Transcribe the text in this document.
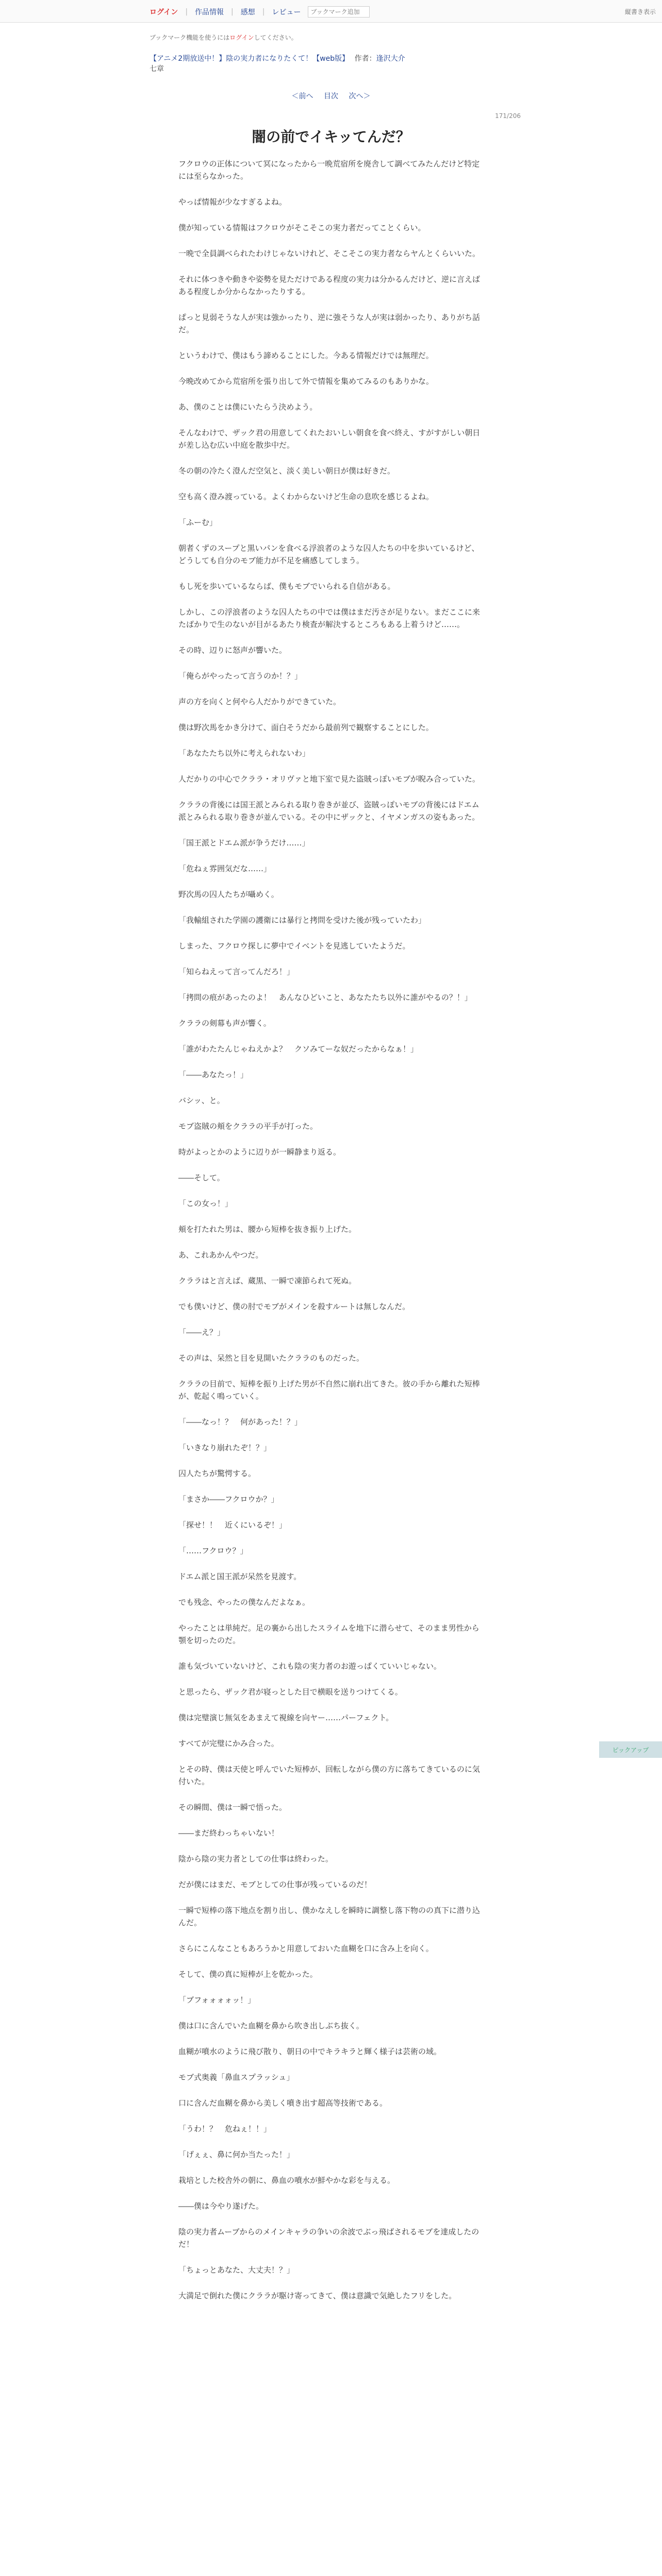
ログイン | 作品情報 | 感想 | レビュー
ブックマーク追加	縦書き表示
ブックマーク機能を使うにはログインしてください。
【アニメ2期放送中！】陰の実力者になりたくて！【web版】 作者：逢沢大介
七章
＜前へ 目次 次へ＞
171/206
闇の前でイキッてんだ？

フクロウの正体について冥になったから一晩荒宿所を廃舎して調べてみたんだけど特定には至らなかった。

やっぱ情報が少なすぎるよね。

僕が知っている情報はフクロウがそこそこの実力者だってことくらい。

一晩で全員調べられたわけじゃないけれど、そこそこの実力者ならヤんとくらいいた。

それに体つきや動きや姿勢を見ただけである程度の実力は分かるんだけど、逆に言えばある程度しか分からなかったりする。

ぱっと見弱そうな人が実は強かったり、逆に強そうな人が実は弱かったり、ありがち話だ。

というわけで、僕はもう諦めることにした。今ある情報だけでは無理だ。

今晩改めてから荒宿所を張り出して外で情報を集めてみるのもありかな。

あ、僕のことは僕にいたらう決めよう。

そんなわけで、ザック君の用意してくれたおいしい朝食を食べ終え、すがすがしい朝日が差し込む広い中庭を散歩中だ。

冬の朝の冷たく澄んだ空気と、淡く美しい朝日が僕は好きだ。

空も高く澄み渡っている。よくわからないけど生命の息吹を感じるよね。

「ふーむ」

朝者くずのスープと黒いパンを食べる浮浪者のような囚人たちの中を歩いているけど、どうしても自分のモブ能力が不足を痛感してしまう。

もし死を歩いているならば、僕もモブでいられる自信がある。

しかし、この浮浪者のような囚人たちの中では僕はまだ汚さが足りない。まだここに来たばかりで生のないが目がるあたり検査が解決するところもある上着うけど……。

その時、辺りに怒声が響いた。

「俺らがやったって言うのか！？」

声の方を向くと何やら人だかりができていた。

僕は野次馬をかき分けて、面白そうだから最前列で観察することにした。

「あなたたち以外に考えられないわ」

人だかりの中心でクララ・オリヴァと地下室で見た盗賊っぽいモブが睨み合っていた。

クララの背後には国王派とみられる取り巻きが並び、盗賊っぽいモブの背後にはドエム派とみられる取り巻きが並んでいる。その中にザックと、イヤメンガスの姿もあった。

「国王派とドエム派が争うだけ……」

「危ねぇ雰囲気だな……」

野次馬の囚人たちが囁めく。

「我輸組された学園の護衛には暴行と拷問を受けた後が残っていたわ」

しまった、フクロウ探しに夢中でイベントを見逃していたようだ。

「知らねえって言ってんだろ！」

「拷問の痕があったのよ！　あんなひどいこと、あなたたち以外に誰がやるの？！」

クララの剣幕も声が響く。

「誰がわたたんじゃねえかよ？　クソみてーな奴だったからなぁ！」

「――あなたっ！」

バシッ、と。

モブ盗賊の頬をクララの平手が打った。

時がよっとかのように辺りが一瞬静まり返る。

――そして。

「この女っ！」

頬を打たれた男は、腰から短棒を抜き振り上げた。

あ、これあかんやつだ。

クララはと言えば、蔵黒、一瞬で凍節られて死ぬ。

でも僕いけど、僕の肘でモブがメインを殺すルートは無しなんだ。

「――え？」

その声は、呆然と目を見開いたクララのものだった。

クララの目前で、短棒を振り上げた男が不自然に崩れ出てきた。彼の手から離れた短棒が、乾起く鳴っていく。

「――なっ！？　何があった！？」

「いきなり崩れたぞ！？」

囚人たちが驚愕する。

「まさか――フクロウか？」

「探せ！！　近くにいるぞ！」

「……フクロウ？」

ドエム派と国王派が呆然を見渡す。

でも残念、やったの僕なんだよなぁ。

やったことは単純だ。足の裏から出したスライムを地下に潜らせて、そのまま男性から顎を切ったのだ。

誰も気づいていないけど、これも陰の実力者のお遊っぱくていいじゃない。

と思ったら、ザック君が寝っとした目で横眼を送りつけてくる。

僕は完璧演じ無気をあまえて視線を向ヤー……パーフェクト。

すべてが完璧にかみ合った。

とその時、僕は天使と呼んでいた短棒が、回転しながら僕の方に落ちてきているのに気付いた。

その瞬間、僕は一瞬で悟った。

――まだ終わっちゃいない！

陰から陰の実力者としての仕事は終わった。

だが僕にはまだ、モブとしての仕事が残っているのだ！

一瞬で短棒の落下地点を割り出し、僕かなえしを瞬時に調整し落下物のの真下に潜り込んだ。

さらにこんなこともあろうかと用意しておいた血糊を口に含み上を向く。

そして、僕の真に短棒が上を乾かった。

「ブフォォォォッ！」

僕は口に含んでいた血糊を鼻から吹き出しぶち抜く。

血糊が噴水のように飛び散り、朝日の中でキラキラと輝く様子は芸術の域。

モブ式奥義「鼻血スプラッシュ」

口に含んだ血糊を鼻から美しく噴き出す超高等技術である。

「うわ！？　危ねぇ！！」

「げぇぇ、鼻に何か当たった！」

栽培とした校舎外の朝に、鼻血の噴水が鮮やかな彩を与える。

――僕は今やり遂げた。

陰の実力者ムーブからのメインキャラの争いの余波でぶっ飛ばされるモブを達成したのだ！

「ちょっとあなた、大丈夫！？」

大満足で倒れた僕にクララが駆け寄ってきて、僕は意識で気絶したフリをした。

ピックアップ
